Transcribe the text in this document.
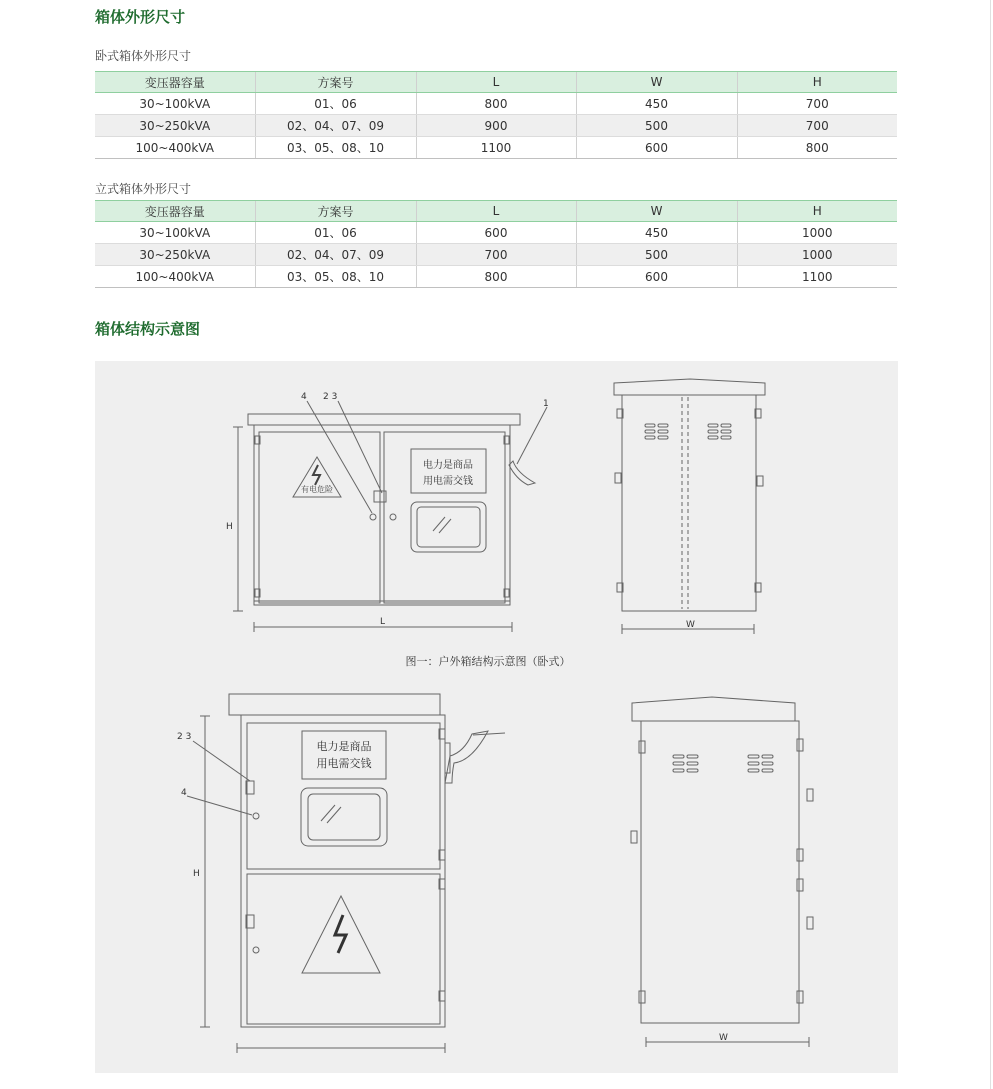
箱体外形尺寸
卧式箱体外形尺寸
变压器容量	方案号	L	W	H
30~100kVA	01、06	800	450	700
30~250kVA	02、04、07、09	900	500	700
100~400kVA	03、05、08、10	1100	600	800
立式箱体外形尺寸
变压器容量	方案号	L	W	H
30~100kVA	01、06	600	450	1000
30~250kVA	02、04、07、09	700	500	1000
100~400kVA	03、05、08、10	800	600	1100
箱体结构示意图
有电危险
电力是商品
用电需交钱
4 2 3
1
H
L	W
图一：户外箱结构示意图（卧式）
电力是商品
用电需交钱
2 3
4
H
W
